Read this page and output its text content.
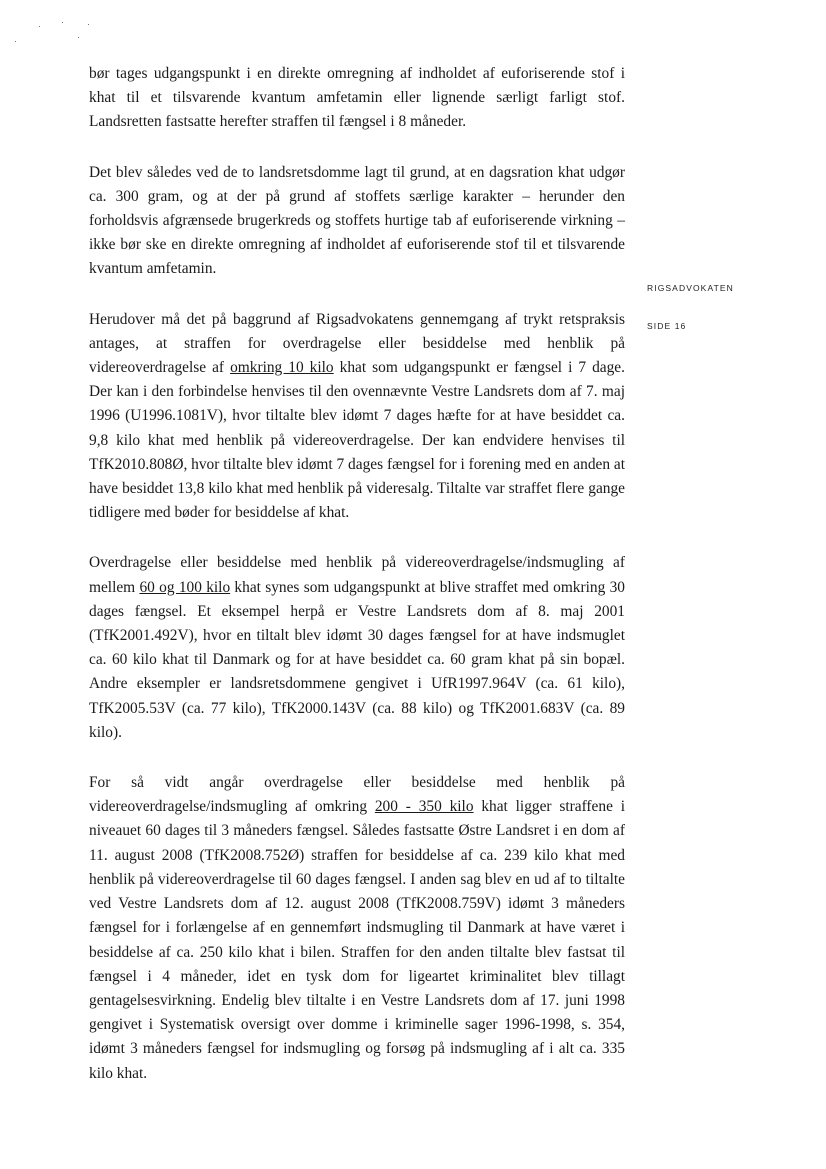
RIGSADVOKATEN
SIDE 16

bør tages udgangspunkt i en direkte omregning af indholdet af euforiserende stof i khat til et tilsvarende kvantum amfetamin eller lignende særligt farligt stof. Landsretten fastsatte herefter straffen til fængsel i 8 måneder.

Det blev således ved de to landsretsdomme lagt til grund, at en dagsration khat udgør ca. 300 gram, og at der på grund af stoffets særlige karakter – herunder den forholdsvis afgrænsede brugerkreds og stoffets hurtige tab af euforiserende virkning – ikke bør ske en direkte omregning af indholdet af euforiserende stof til et tilsvarende kvantum amfetamin.

Herudover må det på baggrund af Rigsadvokatens gennemgang af trykt retspraksis antages, at straffen for overdragelse eller besiddelse med henblik på videreoverdragelse af omkring 10 kilo khat som udgangspunkt er fængsel i 7 dage. Der kan i den forbindelse henvises til den ovennævnte Vestre Landsrets dom af 7. maj 1996 (U1996.1081V), hvor tiltalte blev idømt 7 dages hæfte for at have besiddet ca. 9,8 kilo khat med henblik på videreoverdragelse. Der kan endvidere henvises til TfK2010.808Ø, hvor tiltalte blev idømt 7 dages fængsel for i forening med en anden at have besiddet 13,8 kilo khat med henblik på videresalg. Tiltalte var straffet flere gange tidligere med bøder for besiddelse af khat.

Overdragelse eller besiddelse med henblik på videreoverdragelse/indsmugling af mellem 60 og 100 kilo khat synes som udgangspunkt at blive straffet med omkring 30 dages fængsel. Et eksempel herpå er Vestre Landsrets dom af 8. maj 2001 (TfK2001.492V), hvor en tiltalt blev idømt 30 dages fængsel for at have indsmuglet ca. 60 kilo khat til Danmark og for at have besiddet ca. 60 gram khat på sin bopæl. Andre eksempler er landsretsdommene gengivet i UfR1997.964V (ca. 61 kilo), TfK2005.53V (ca. 77 kilo), TfK2000.143V (ca. 88 kilo) og TfK2001.683V (ca. 89 kilo).

For så vidt angår overdragelse eller besiddelse med henblik på videreoverdragelse/indsmugling af omkring 200 - 350 kilo khat ligger straffene i niveauet 60 dages til 3 måneders fængsel. Således fastsatte Østre Landsret i en dom af 11. august 2008 (TfK2008.752Ø) straffen for besiddelse af ca. 239 kilo khat med henblik på videreoverdragelse til 60 dages fængsel. I anden sag blev en ud af to tiltalte ved Vestre Landsrets dom af 12. august 2008 (TfK2008.759V) idømt 3 måneders fængsel for i forlængelse af en gennemført indsmugling til Danmark at have været i besiddelse af ca. 250 kilo khat i bilen. Straffen for den anden tiltalte blev fastsat til fængsel i 4 måneder, idet en tysk dom for ligeartet kriminalitet blev tillagt gentagelsesvirkning. Endelig blev tiltalte i en Vestre Landsrets dom af 17. juni 1998 gengivet i Systematisk oversigt over domme i kriminelle sager 1996-1998, s. 354, idømt 3 måneders fængsel for indsmugling og forsøg på indsmugling af i alt ca. 335 kilo khat.
